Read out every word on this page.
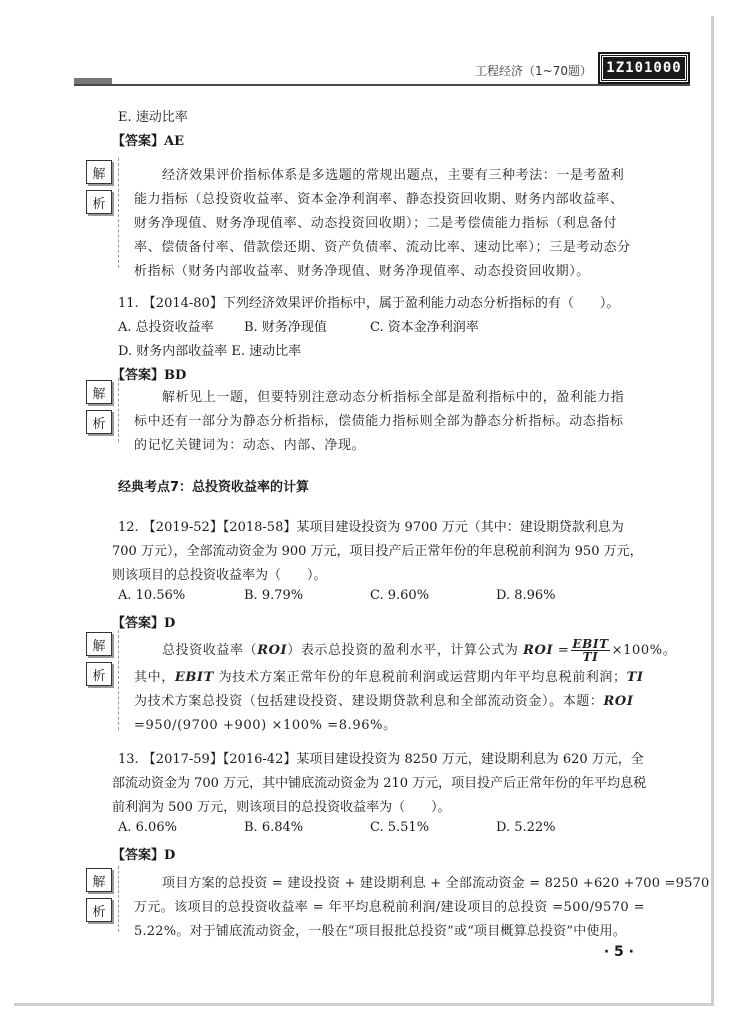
工程经济（1~70题）	1Z101000
E. 速动比率
【答案】AE
解
析
经济效果评价指标体系是多选题的常规出题点，主要有三种考法：一是考盈利
能力指标（总投资收益率、资本金净利润率、静态投资回收期、财务内部收益率、
财务净现值、财务净现值率、动态投资回收期）；二是考偿债能力指标（利息备付
率、偿债备付率、借款偿还期、资产负债率、流动比率、速动比率）；三是考动态分
析指标（财务内部收益率、财务净现值、财务净现值率、动态投资回收期）。
11. 【2014-80】下列经济效果评价指标中，属于盈利能力动态分析指标的有（　　）。
A. 总投资收益率 B. 财务净现值	C. 资本金净利润率
D. 财务内部收益率 E. 速动比率
【答案】BD
解
析
解析见上一题，但要特别注意动态分析指标全部是盈利指标中的，盈利能力指
标中还有一部分为静态分析指标，偿债能力指标则全部为静态分析指标。动态指标
的记忆关键词为：动态、内部、净现。
经典考点7：总投资收益率的计算
12. 【2019-52】【2018-58】某项目建设投资为 9700 万元（其中：建设期贷款利息为
700 万元），全部流动资金为 900 万元，项目投产后正常年份的年息税前利润为 950 万元，
则该项目的总投资收益率为（　　）。
A. 10.56%	B. 9.79%	C. 9.60%	D. 8.96%
【答案】D
解
析
总投资收益率（ROI）表示总投资的盈利水平，计算公式为 ROI = $\frac{\text{EBIT}}{TI} \times 100\%$。
其中，EBIT 为技术方案正常年份的年息税前利润或运营期内年平均息税前利润；TI
为技术方案总投资（包括建设投资、建设期贷款利息和全部流动资金）。本题：ROI
=950/(9700 +900) ×100% =8.96%。
13. 【2017-59】【2016-42】某项目建设投资为 8250 万元，建设期利息为 620 万元，全
部流动资金为 700 万元，其中铺底流动资金为 210 万元，项目投产后正常年份的年平均息税
前利润为 500 万元，则该项目的总投资收益率为（　　）。
A. 6.06%	B. 6.84%	C. 5.51%	D. 5.22%
【答案】D
解
析
项目方案的总投资 = 建设投资 + 建设期利息 + 全部流动资金 = 8250 +620 +700 =9570
万元。该项目的总投资收益率 = 年平均息税前利润/建设项目的总投资 =500/9570 =
5.22%。对于铺底流动资金，一般在“项目报批总投资”或“项目概算总投资”中使用。
· 5 ·
